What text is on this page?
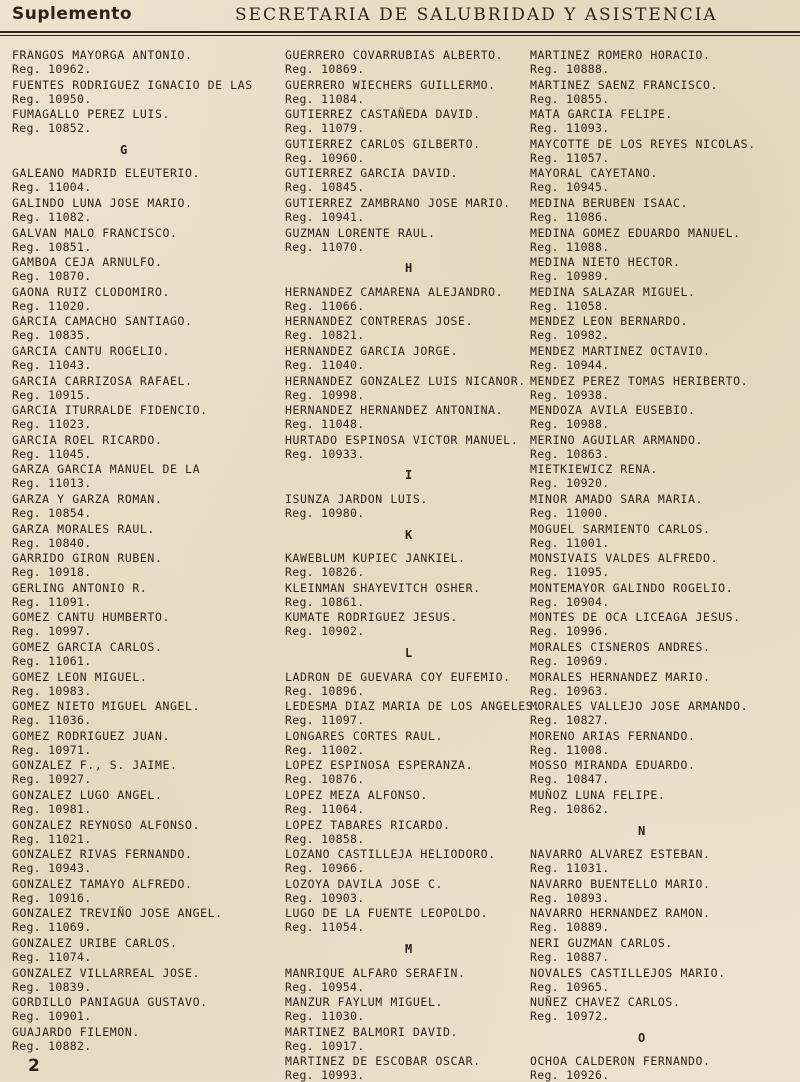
Suplemento	SECRETARIA DE SALUBRIDAD Y ASISTENCIA
FRANGOS MAYORGA ANTONIO.
Reg. 10962.
FUENTES RODRIGUEZ IGNACIO DE LAS
Reg. 10950.
FUMAGALLO PEREZ LUIS.
Reg. 10852.
G
GALEANO MADRID ELEUTERIO.
Reg. 11004.
GALINDO LUNA JOSE MARIO.
Reg. 11082.
GALVAN MALO FRANCISCO.
Reg. 10851.
GAMBOA CEJA ARNULFO.
Reg. 10870.
GAONA RUIZ CLODOMIRO.
Reg. 11020.
GARCIA CAMACHO SANTIAGO.
Reg. 10835.
GARCIA CANTU ROGELIO.
Reg. 11043.
GARCIA CARRIZOSA RAFAEL.
Reg. 10915.
GARCIA ITURRALDE FIDENCIO.
Reg. 11023.
GARCIA ROEL RICARDO.
Reg. 11045.
GARZA GARCIA MANUEL DE LA
Reg. 11013.
GARZA Y GARZA ROMAN.
Reg. 10854.
GARZA MORALES RAUL.
Reg. 10840.
GARRIDO GIRON RUBEN.
Reg. 10918.
GERLING ANTONIO R.
Reg. 11091.
GOMEZ CANTU HUMBERTO.
Reg. 10997.
GOMEZ GARCIA CARLOS.
Reg. 11061.
GOMEZ LEON MIGUEL.
Reg. 10983.
GOMEZ NIETO MIGUEL ANGEL.
Reg. 11036.
GOMEZ RODRIGUEZ JUAN.
Reg. 10971.
GONZALEZ F., S. JAIME.
Reg. 10927.
GONZALEZ LUGO ANGEL.
Reg. 10981.
GONZALEZ REYNOSO ALFONSO.
Reg. 11021.
GONZALEZ RIVAS FERNANDO.
Reg. 10943.
GONZALEZ TAMAYO ALFREDO.
Reg. 10916.
GONZALEZ TREVIÑO JOSE ANGEL.
Reg. 11069.
GONZALEZ URIBE CARLOS.
Reg. 11074.
GONZALEZ VILLARREAL JOSE.
Reg. 10839.
GORDILLO PANIAGUA GUSTAVO.
Reg. 10901.
GUAJARDO FILEMON.
Reg. 10882.
GUERRERO COVARRUBIAS ALBERTO.
Reg. 10869.
GUERRERO WIECHERS GUILLERMO.
Reg. 11084.
GUTIERREZ CASTAÑEDA DAVID.
Reg. 11079.
GUTIERREZ CARLOS GILBERTO.
Reg. 10960.
GUTIERREZ GARCIA DAVID.
Reg. 10845.
GUTIERREZ ZAMBRANO JOSE MARIO.
Reg. 10941.
GUZMAN LORENTE RAUL.
Reg. 11070.
H
HERNANDEZ CAMARENA ALEJANDRO.
Reg. 11066.
HERNANDEZ CONTRERAS JOSE.
Reg. 10821.
HERNANDEZ GARCIA JORGE.
Reg. 11040.
HERNANDEZ GONZALEZ LUIS NICANOR.
Reg. 10998.
HERNANDEZ HERNANDEZ ANTONINA.
Reg. 11048.
HURTADO ESPINOSA VICTOR MANUEL.
Reg. 10933.
I
ISUNZA JARDON LUIS.
Reg. 10980.
K
KAWEBLUM KUPIEC JANKIEL.
Reg. 10826.
KLEINMAN SHAYEVITCH OSHER.
Reg. 10861.
KUMATE RODRIGUEZ JESUS.
Reg. 10902.
L
LADRON DE GUEVARA COY EUFEMIO.
Reg. 10896.
LEDESMA DIAZ MARIA DE LOS ANGELES.
Reg. 11097.
LONGARES CORTES RAUL.
Reg. 11002.
LOPEZ ESPINOSA ESPERANZA.
Reg. 10876.
LOPEZ MEZA ALFONSO.
Reg. 11064.
LOPEZ TABARES RICARDO.
Reg. 10858.
LOZANO CASTILLEJA HELIODORO.
Reg. 10966.
LOZOYA DAVILA JOSE C.
Reg. 10903.
LUGO DE LA FUENTE LEOPOLDO.
Reg. 11054.
M
MANRIQUE ALFARO SERAFIN.
Reg. 10954.
MANZUR FAYLUM MIGUEL.
Reg. 11030.
MARTINEZ BALMORI DAVID.
Reg. 10917.
MARTINEZ DE ESCOBAR OSCAR.
Reg. 10993.
MARTINEZ ROMERO HORACIO.
Reg. 10888.
MARTINEZ SAENZ FRANCISCO.
Reg. 10855.
MATA GARCIA FELIPE.
Reg. 11093.
MAYCOTTE DE LOS REYES NICOLAS.
Reg. 11057.
MAYORAL CAYETANO.
Reg. 10945.
MEDINA BERUBEN ISAAC.
Reg. 11086.
MEDINA GOMEZ EDUARDO MANUEL.
Reg. 11088.
MEDINA NIETO HECTOR.
Reg. 10989.
MEDINA SALAZAR MIGUEL.
Reg. 11058.
MENDEZ LEON BERNARDO.
Reg. 10982.
MENDEZ MARTINEZ OCTAVIO.
Reg. 10944.
MENDEZ PEREZ TOMAS HERIBERTO.
Reg. 10938.
MENDOZA AVILA EUSEBIO.
Reg. 10988.
MERINO AGUILAR ARMANDO.
Reg. 10863.
MIETKIEWICZ RENA.
Reg. 10920.
MINOR AMADO SARA MARIA.
Reg. 11000.
MOGUEL SARMIENTO CARLOS.
Reg. 11001.
MONSIVAIS VALDES ALFREDO.
Reg. 11095.
MONTEMAYOR GALINDO ROGELIO.
Reg. 10904.
MONTES DE OCA LICEAGA JESUS.
Reg. 10996.
MORALES CISNEROS ANDRES.
Reg. 10969.
MORALES HERNANDEZ MARIO.
Reg. 10963.
MORALES VALLEJO JOSE ARMANDO.
Reg. 10827.
MORENO ARIAS FERNANDO.
Reg. 11008.
MOSSO MIRANDA EDUARDO.
Reg. 10847.
MUÑOZ LUNA FELIPE.
Reg. 10862.
N
NAVARRO ALVAREZ ESTEBAN.
Reg. 11031.
NAVARRO BUENTELLO MARIO.
Reg. 10893.
NAVARRO HERNANDEZ RAMON.
Reg. 10889.
NERI GUZMAN CARLOS.
Reg. 10887.
NOVALES CASTILLEJOS MARIO.
Reg. 10965.
NUÑEZ CHAVEZ CARLOS.
Reg. 10972.
O
OCHOA CALDERON FERNANDO.
Reg. 10926.
2
